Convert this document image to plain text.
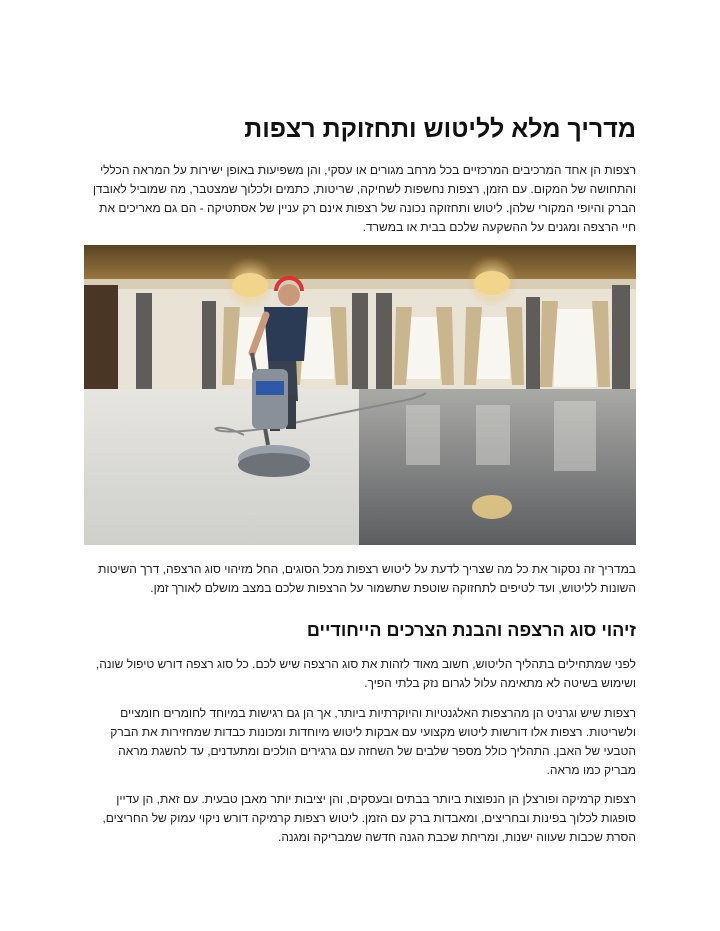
מדריך מלא לליטוש ותחזוקת רצפות

רצפות הן אחד המרכיבים המרכזיים בכל מרחב מגורים או עסקי, והן משפיעות באופן ישירות על המראה הכללי והתחושה של המקום. עם הזמן, רצפות נחשפות לשחיקה, שריטות, כתמים ולכלוך שמצטבר, מה שמוביל לאובדן הברק והיופי המקורי שלהן. ליטוש ותחזוקה נכונה של רצפות אינם רק עניין של אסתטיקה - הם גם מאריכים את חיי הרצפה ומגנים על ההשקעה שלכם בבית או במשרד.

במדריך זה נסקור את כל מה שצריך לדעת על ליטוש רצפות מכל הסוגים, החל מזיהוי סוג הרצפה, דרך השיטות השונות לליטוש, ועד לטיפים לתחזוקה שוטפת שתשמור על הרצפות שלכם במצב מושלם לאורך זמן.

זיהוי סוג הרצפה והבנת הצרכים הייחודיים

לפני שמתחילים בתהליך הליטוש, חשוב מאוד לזהות את סוג הרצפה שיש לכם. כל סוג רצפה דורש טיפול שונה, ושימוש בשיטה לא מתאימה עלול לגרום נזק בלתי הפיך.

רצפות שיש וגרניט הן מהרצפות האלגנטיות והיוקרתיות ביותר, אך הן גם רגישות במיוחד לחומרים חומציים ולשריטות. רצפות אלו דורשות ליטוש מקצועי עם אבקות ליטוש מיוחדות ומכונות כבדות שמחזירות את הברק הטבעי של האבן. התהליך כולל מספר שלבים של השחזה עם גרגירים הולכים ומתעדנים, עד להשגת מראה מבריק כמו מראה.

רצפות קרמיקה ופורצלן הן הנפוצות ביותר בבתים ובעסקים, והן יציבות יותר מאבן טבעית. עם זאת, הן עדיין סופגות לכלוך בפינות ובחריצים, ומאבדות ברק עם הזמן. ליטוש רצפות קרמיקה דורש ניקוי עמוק של החריצים, הסרת שכבות שעווה ישנות, ומריחת שכבת הגנה חדשה שמבריקה ומגנה.
